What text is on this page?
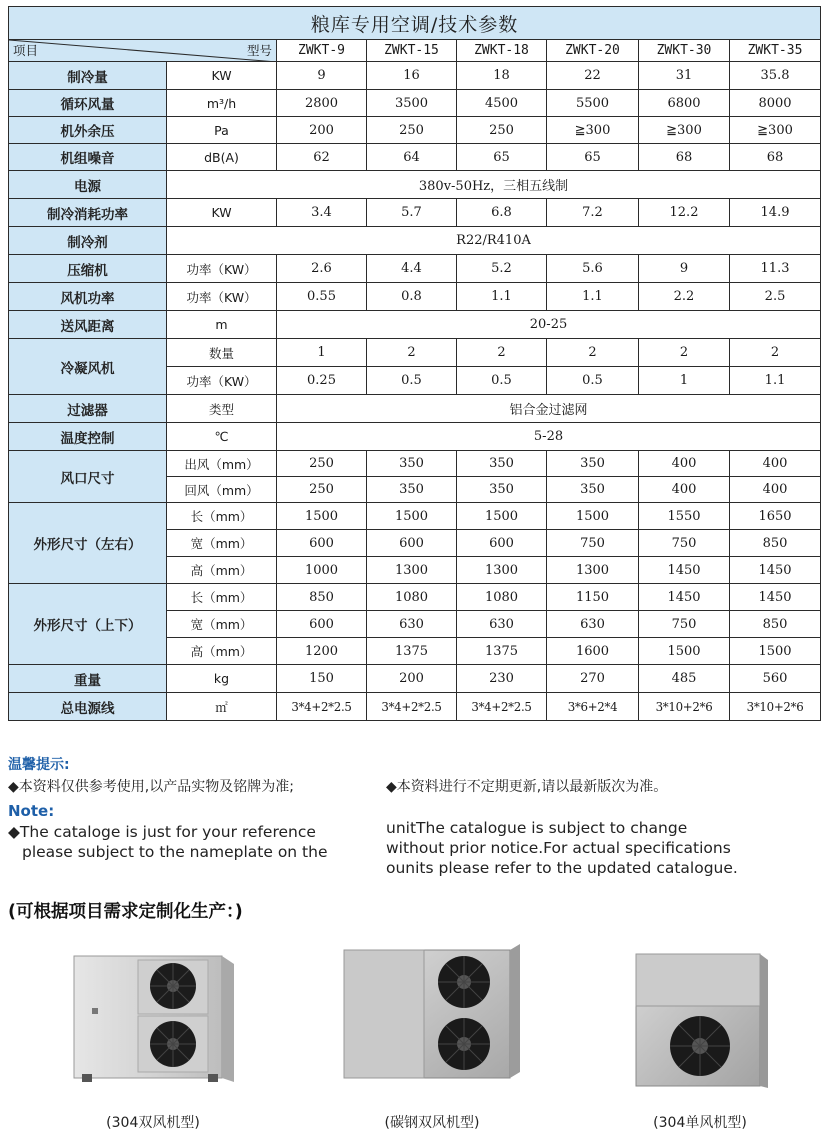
粮库专用空调/技术参数							

项目 型号		ZWKT-9	ZWKT-15	ZWKT-18	ZWKT-20	ZWKT-30	ZWKT-35
制冷量	KW	9	16	18	22	31	35.8
循环风量	m³/h	2800	3500	4500	5500	6800	8000
机外余压	Pa	200	250	250	≧300	≧300	≧300
机组噪音	dB(A)	62	64	65	65	68	68
电源	380v-50Hz，三相五线制						
制冷消耗功率	KW	3.4	5.7	6.8	7.2	12.2	14.9
制冷剂	R22/R410A						
压缩机	功率（KW）	2.6	4.4	5.2	5.6	9	11.3
风机功率	功率（KW）	0.55	0.8	1.1	1.1	2.2	2.5
送风距离	m	20-25					
冷凝风机	数量	1	2	2	2	2	2
	功率（KW）	0.25	0.5	0.5	0.5	1	1.1
过滤器	类型	铝合金过滤网					
温度控制	℃	5-28					
风口尺寸	出风（mm）	250	350	350	350	400	400
	回风（mm）	250	350	350	350	400	400
外形尺寸（左右）	长（mm）	1500	1500	1500	1500	1550	1650
	宽（mm）	600	600	600	750	750	850
	高（mm）	1000	1300	1300	1300	1450	1450
外形尺寸（上下）	长（mm）	850	1080	1080	1150	1450	1450
	宽（mm）	600	630	630	630	750	850
	高（mm）	1200	1375	1375	1600	1500	1500
重量	kg	150	200	230	270	485	560
总电源线	㎡	3*4+2*2.5	3*4+2*2.5	3*4+2*2.5	3*6+2*4	3*10+2*6	3*10+2*6
温馨提示:
◆本资料仅供参考使用,以产品实物及铭牌为准;	◆本资料进行不定期更新,请以最新版次为准。
Note:
◆The cataloge is just for your reference
please subject to the nameplate on the
unitThe catalogue is subject to change
without prior notice.For actual specifications
ounits please refer to the updated catalogue.
(可根据项目需求定制化生产：)
(304双风机型)	(碳钢双风机型)	(304单风机型)
